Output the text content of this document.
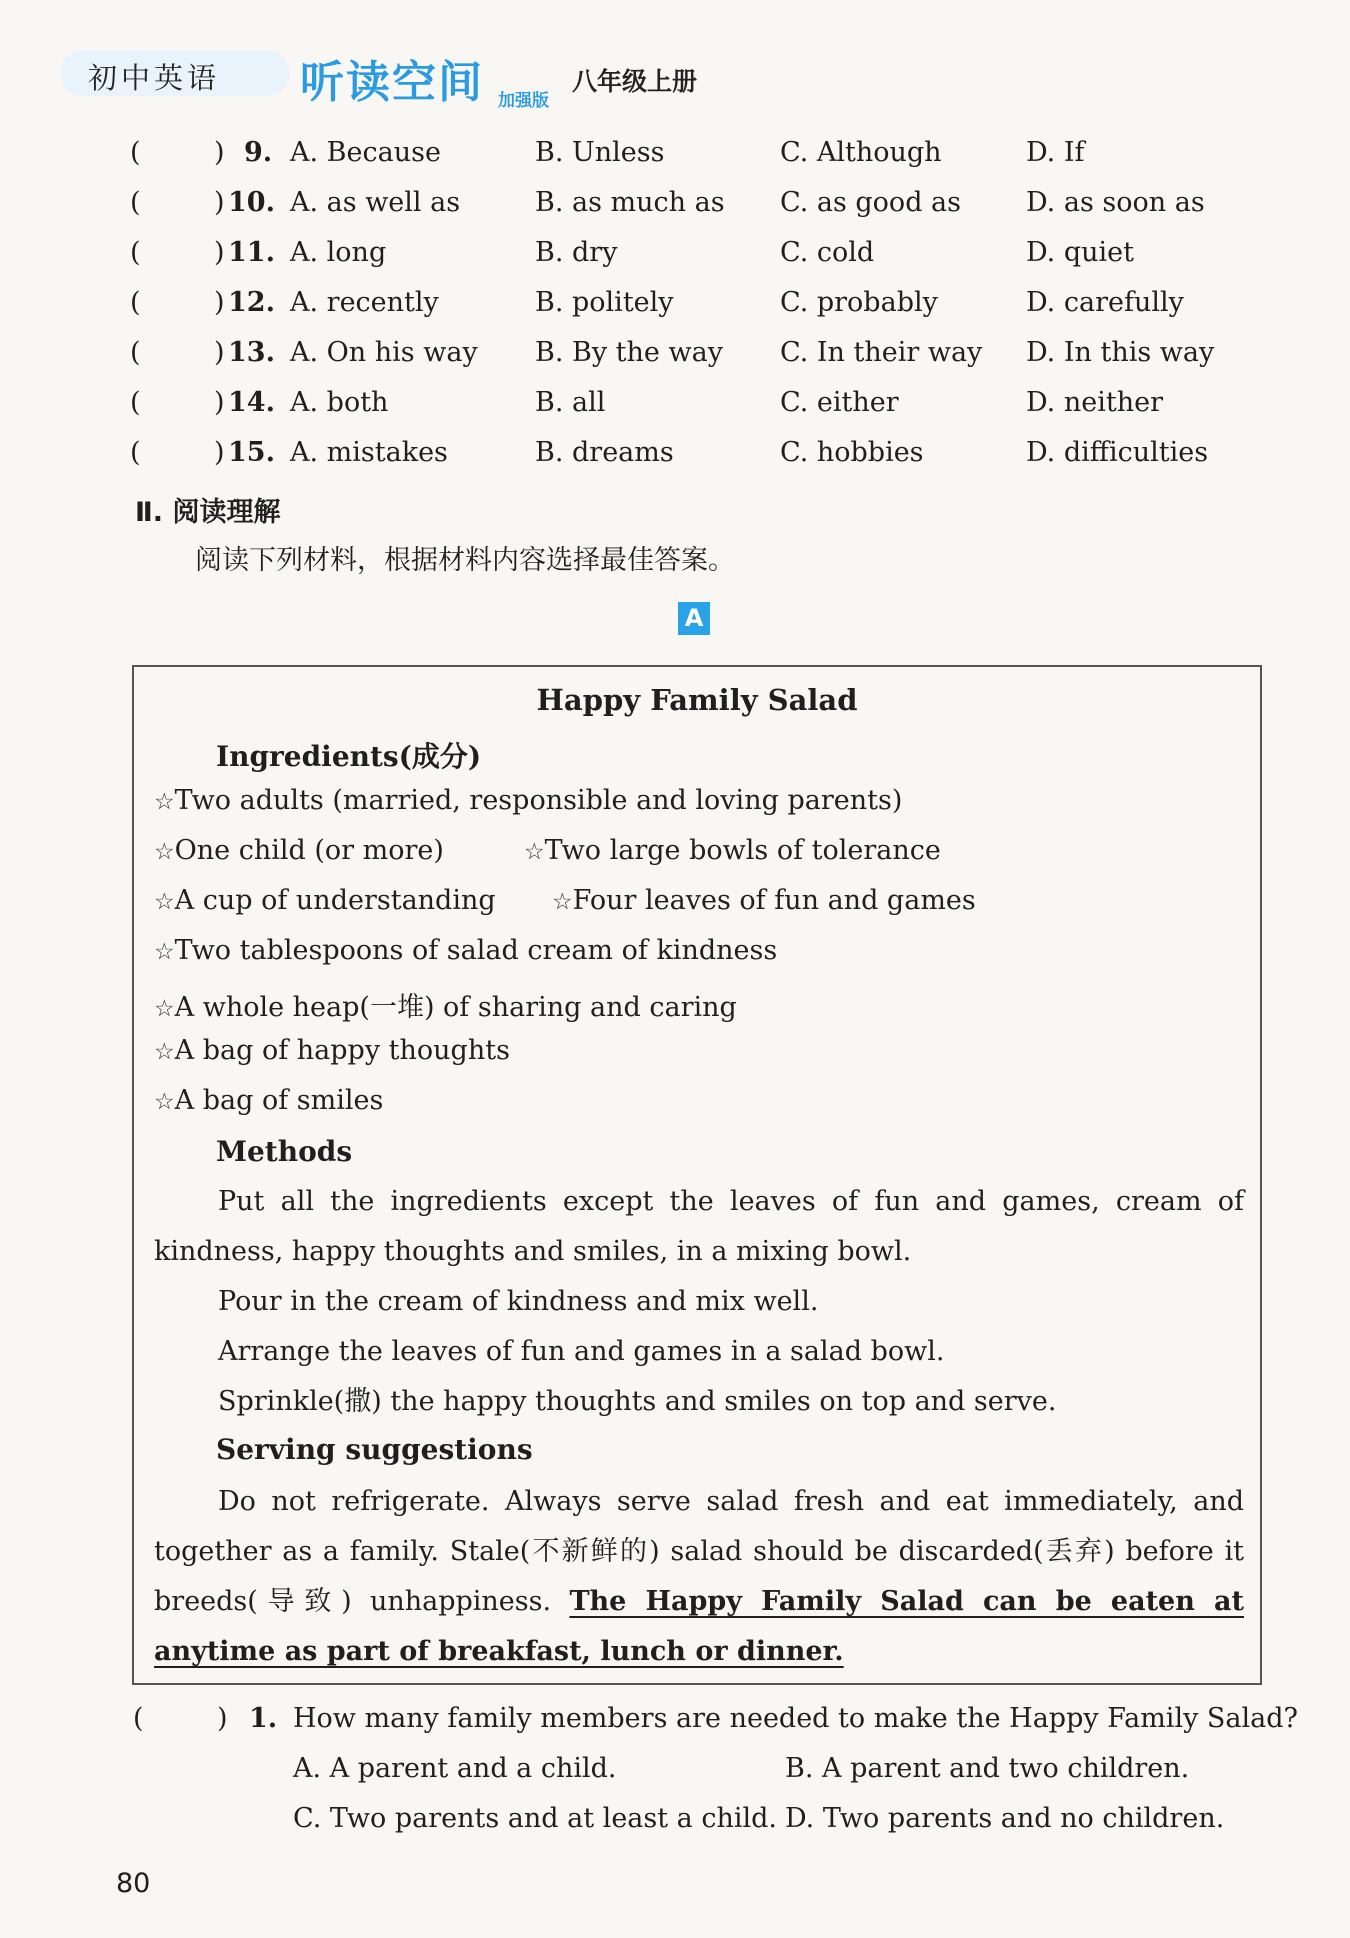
初中英语 听读空间 加强版
八年级上册
(	) 9. A. Because	B. Unless	C. Although	D. If
(	) 10. A. as well as	B. as much as C. as good as D. as soon as
(	) 11. A. long	B. dry	C. cold	D. quiet
(	) 12. A. recently	B. politely	C. probably	D. carefully
(	) 13. A. On his way B. By the way C. In their way D. In this way
(	) 14. A. both	B. all	C. either	D. neither
(	) 15. A. mistakes	B. dreams	C. hobbies	D. difficulties
Ⅱ. 阅读理解
阅读下列材料，根据材料内容选择最佳答案。
A
Happy Family Salad
Ingredients(成分)
☆Two adults (married, responsible and loving parents)
☆One child (or more)	☆Two large bowls of tolerance
☆A cup of understanding ☆Four leaves of fun and games
☆Two tablespoons of salad cream of kindness
☆A whole heap(一堆) of sharing and caring
☆A bag of happy thoughts
☆A bag of smiles
Methods
Put all the ingredients except the leaves of fun and games, cream of kindness, happy thoughts and smiles, in a mixing bowl.
Pour in the cream of kindness and mix well.
Arrange the leaves of fun and games in a salad bowl.
Sprinkle(撒) the happy thoughts and smiles on top and serve.
Serving suggestions
Do not refrigerate. Always serve salad fresh and eat immediately, and together as a family. Stale(不新鲜的) salad should be discarded(丢弃) before it breeds(导致) unhappiness. The Happy Family Salad can be eaten at anytime as part of breakfast, lunch or dinner.
(	) 1. How many family members are needed to make the Happy Family Salad?
A. A parent and a child.	B. A parent and two children.
C. Two parents and at least a child. D. Two parents and no children.
80
